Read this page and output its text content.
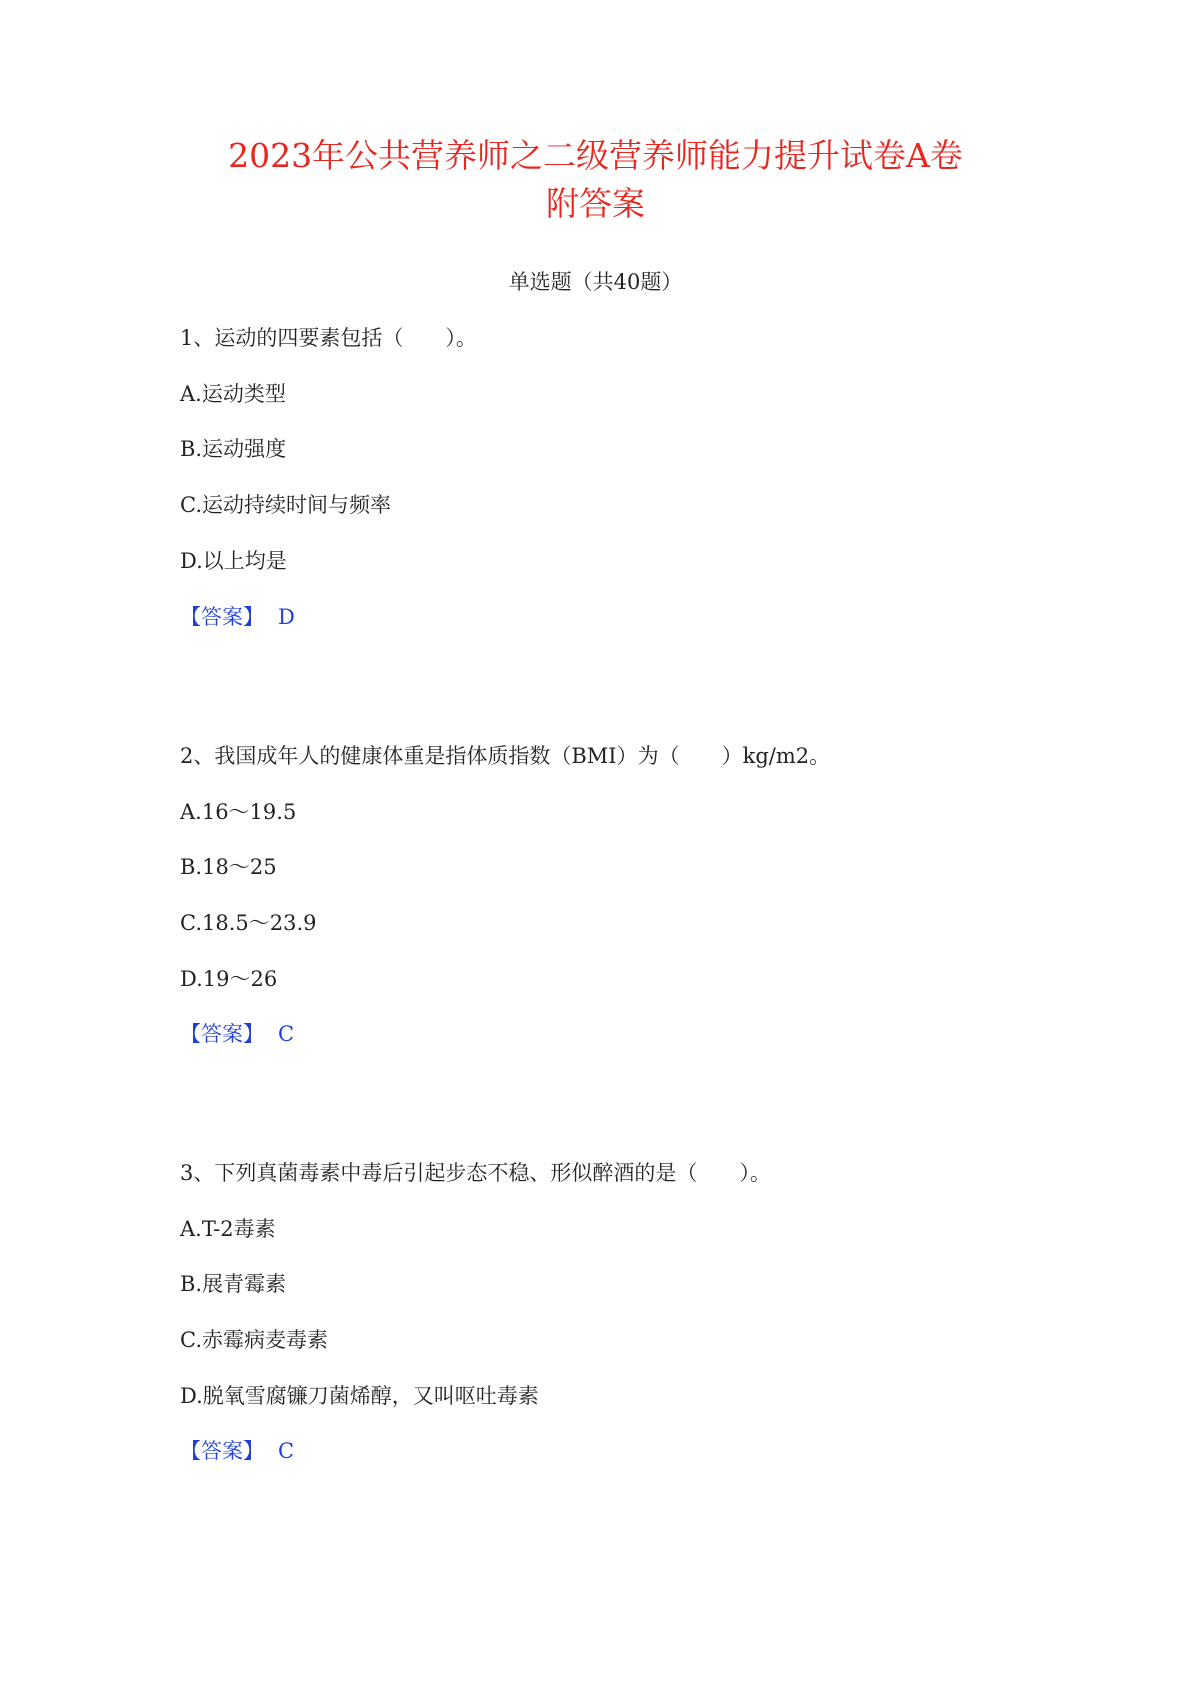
2023年公共营养师之二级营养师能力提升试卷A卷
附答案

单选题（共40题）

1、运动的四要素包括（　　）。

A.运动类型

B.运动强度

C.运动持续时间与频率

D.以上均是

【答案】 D

2、我国成年人的健康体重是指体质指数（BMI）为（　　）kg/m2。

A.16～19.5

B.18～25

C.18.5～23.9

D.19～26

【答案】 C

3、下列真菌毒素中毒后引起步态不稳、形似醉酒的是（　　）。

A.T-2毒素

B.展青霉素

C.赤霉病麦毒素

D.脱氧雪腐镰刀菌烯醇，又叫呕吐毒素

【答案】 C
